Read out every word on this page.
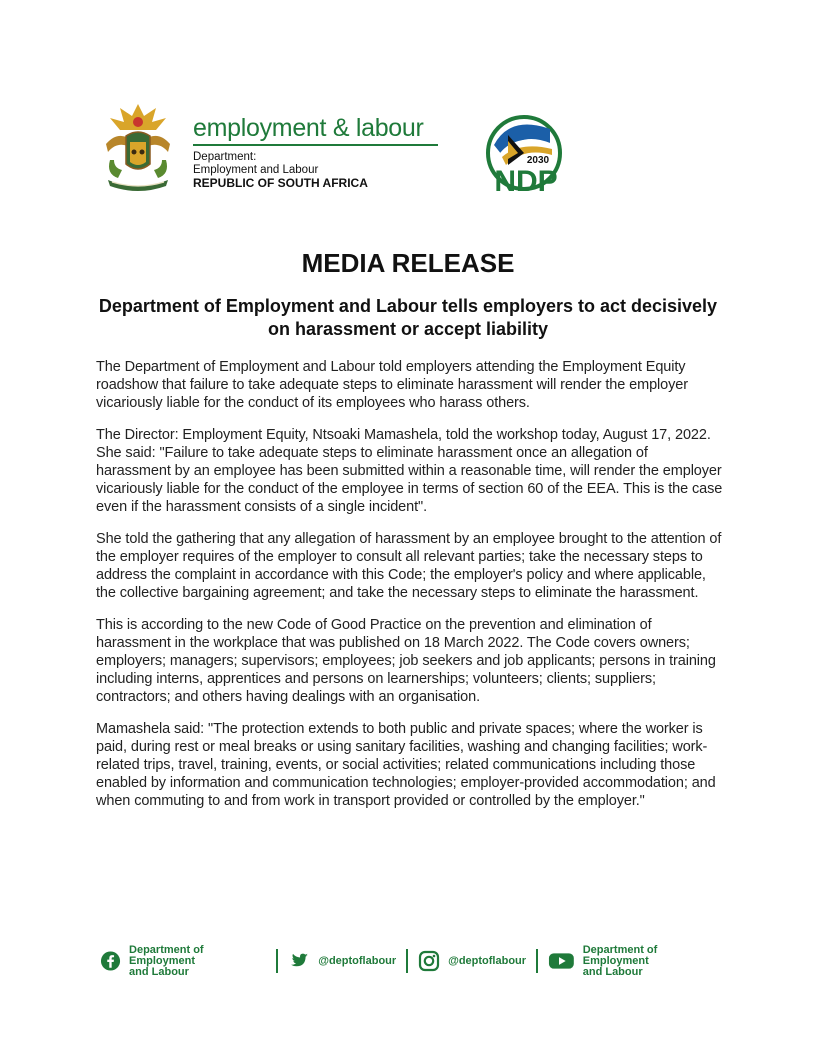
employment & labour
Department:
Employment and Labour
REPUBLIC OF SOUTH AFRICA
2030
NDP
MEDIA RELEASE
Department of Employment and Labour tells employers to act decisively on harassment or accept liability

The Department of Employment and Labour told employers attending the Employment Equity roadshow that failure to take adequate steps to eliminate harassment will render the employer vicariously liable for the conduct of its employees who harass others.

The Director: Employment Equity, Ntsoaki Mamashela, told the workshop today, August 17, 2022. She said: "Failure to take adequate steps to eliminate harassment once an allegation of harassment by an employee has been submitted within a reasonable time, will render the employer vicariously liable for the conduct of the employee in terms of section 60 of the EEA. This is the case even if the harassment consists of a single incident".

She told the gathering that any allegation of harassment by an employee brought to the attention of the employer requires of the employer to consult all relevant parties; take the necessary steps to address the complaint in accordance with this Code; the employer's policy and where applicable, the collective bargaining agreement; and take the necessary steps to eliminate the harassment.

This is according to the new Code of Good Practice on the prevention and elimination of harassment in the workplace that was published on 18 March 2022. The Code covers owners; employers; managers; supervisors; employees; job seekers and job applicants; persons in training including interns, apprentices and persons on learnerships; volunteers; clients; suppliers; contractors; and others having dealings with an organisation.

Mamashela said: "The protection extends to both public and private spaces; where the worker is paid, during rest or meal breaks or using sanitary facilities, washing and changing facilities; work-related trips, travel, training, events, or social activities; related communications including those enabled by information and communication technologies; employer-provided accommodation; and when commuting to and from work in transport provided or controlled by the employer."

Department of Employment
and Labour
@deptoflabour	@deptoflabour
Department of Employment
and Labour
